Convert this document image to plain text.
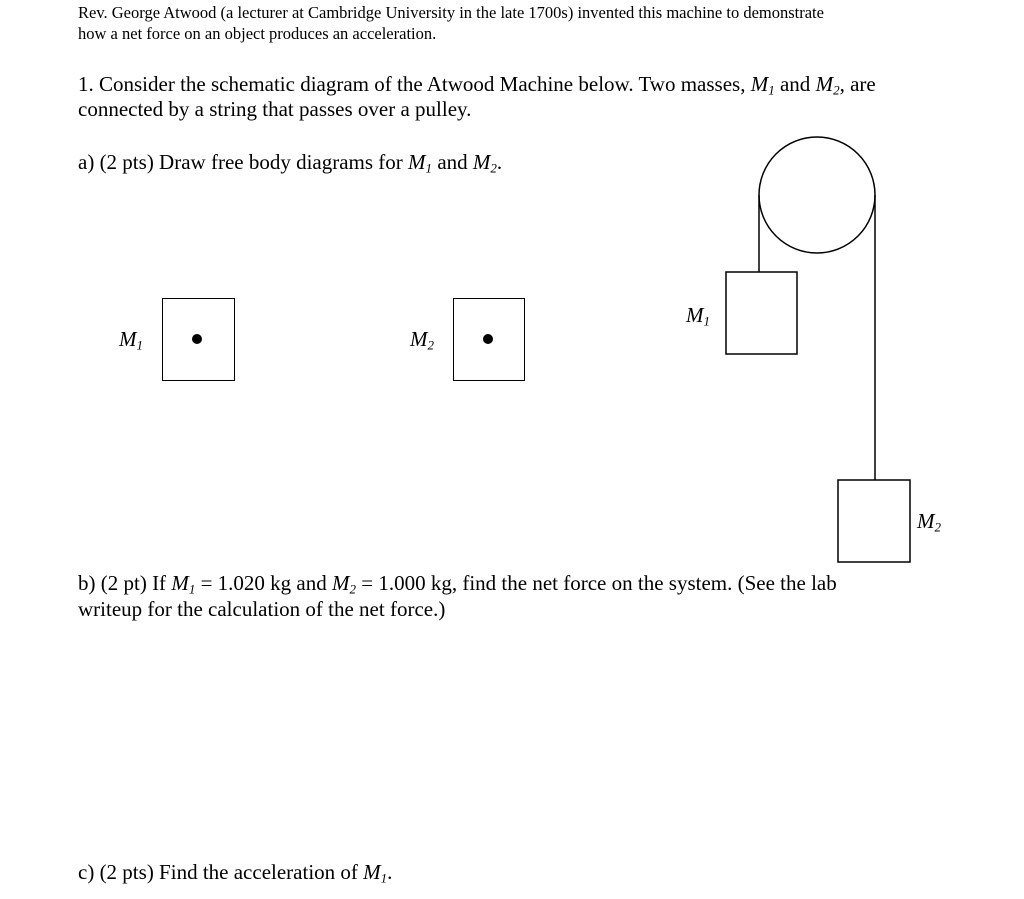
Rev. George Atwood (a lecturer at Cambridge University in the late 1700s) invented this machine to demonstrate
how a net force on an object produces an acceleration.
1. Consider the schematic diagram of the Atwood Machine below. Two masses, $M_1$ and $M_2$, are
connected by a string that passes over a pulley.
a) (2 pts) Draw free body diagrams for $M_1$ and $M_2$.
$M_1$	$M_2$
$M_1$
$M_2$
b) (2 pt) If $M_1 = 1.020$ kg and $M_2 = 1.000$ kg, find the net force on the system. (See the lab
writeup for the calculation of the net force.)
c) (2 pts) Find the acceleration of $M_1$.
